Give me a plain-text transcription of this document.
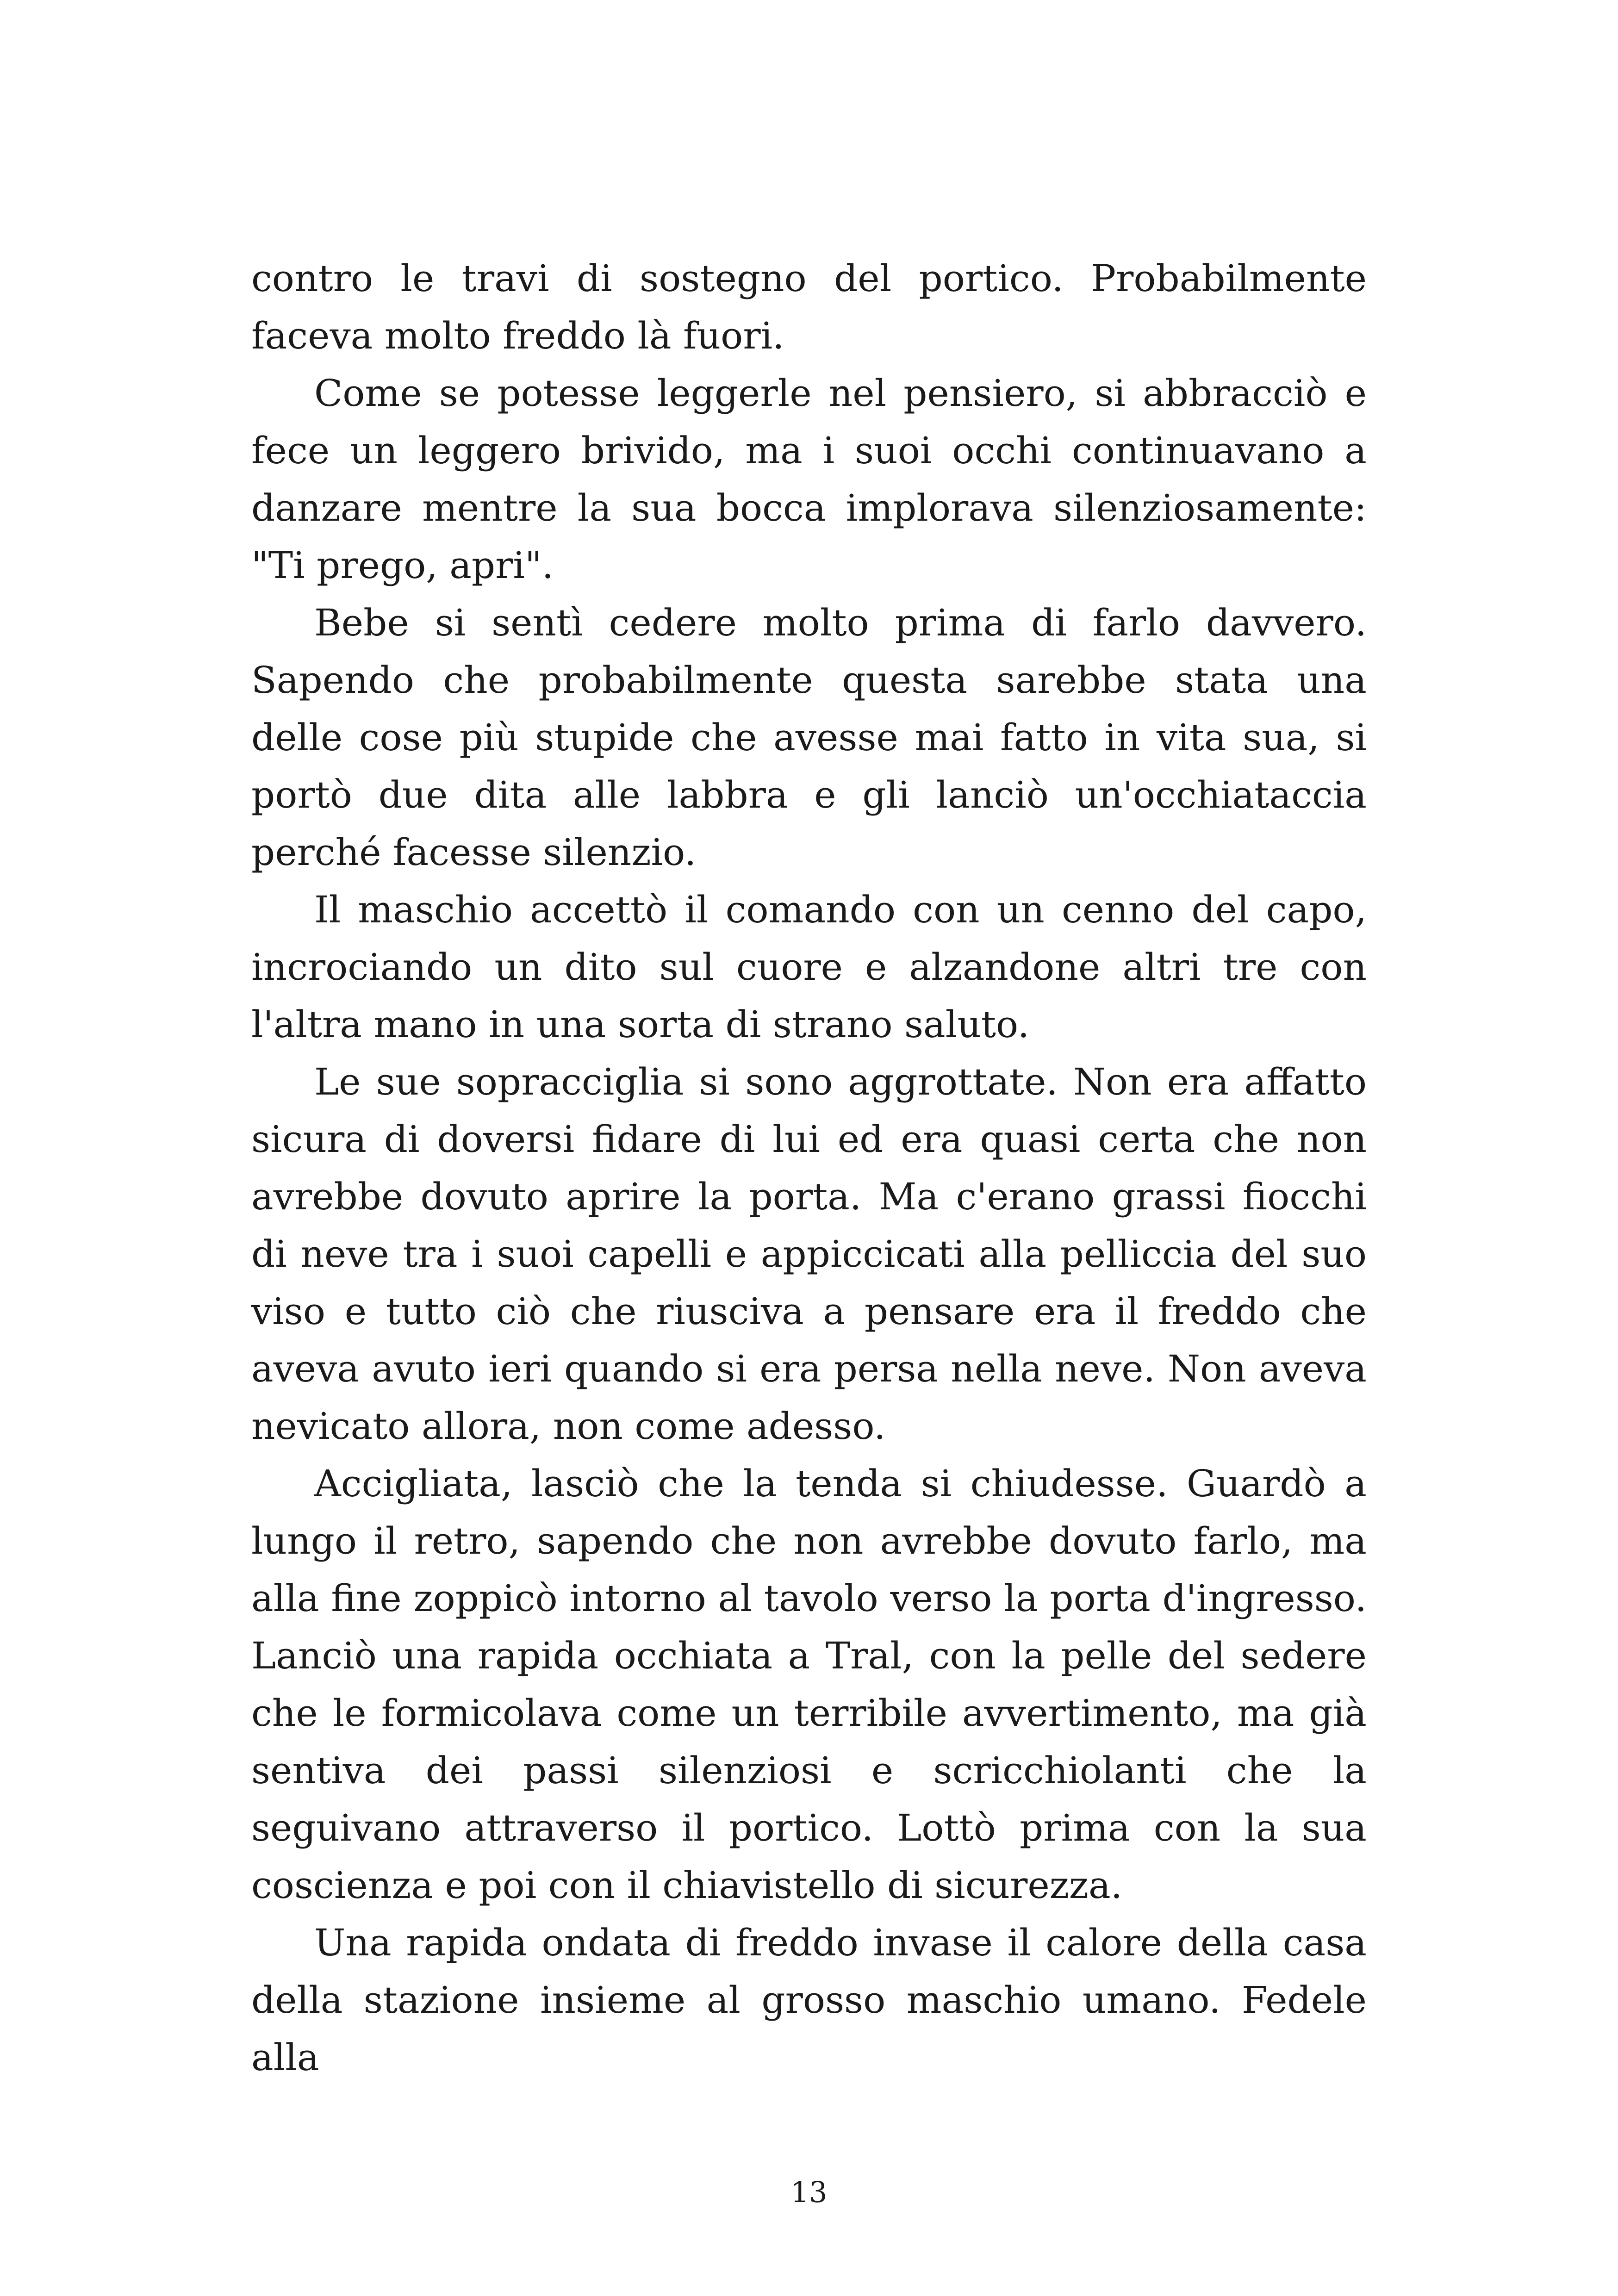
contro le travi di sostegno del portico. Probabilmente faceva molto freddo là fuori.

Come se potesse leggerle nel pensiero, si abbracciò e fece un leggero brivido, ma i suoi occhi continuavano a danzare mentre la sua bocca implorava silenziosamente: "Ti prego, apri".

Bebe si sentì cedere molto prima di farlo davvero. Sapendo che probabilmente questa sarebbe stata una delle cose più stupide che avesse mai fatto in vita sua, si portò due dita alle labbra e gli lanciò un'occhiataccia perché facesse silenzio.

Il maschio accettò il comando con un cenno del capo, incrociando un dito sul cuore e alzandone altri tre con l'altra mano in una sorta di strano saluto.

Le sue sopracciglia si sono aggrottate. Non era affatto sicura di doversi fidare di lui ed era quasi certa che non avrebbe dovuto aprire la porta. Ma c'erano grassi fiocchi di neve tra i suoi capelli e appiccicati alla pelliccia del suo viso e tutto ciò che riusciva a pensare era il freddo che aveva avuto ieri quando si era persa nella neve. Non aveva nevicato allora, non come adesso.

Accigliata, lasciò che la tenda si chiudesse. Guardò a lungo il retro, sapendo che non avrebbe dovuto farlo, ma alla fine zoppicò intorno al tavolo verso la porta d'ingresso. Lanciò una rapida occhiata a Tral, con la pelle del sedere che le formicolava come un terribile avvertimento, ma già sentiva dei passi silenziosi e scricchiolanti che la seguivano attraverso il portico. Lottò prima con la sua coscienza e poi con il chiavistello di sicurezza.

Una rapida ondata di freddo invase il calore della casa della stazione insieme al grosso maschio umano. Fedele alla

13
